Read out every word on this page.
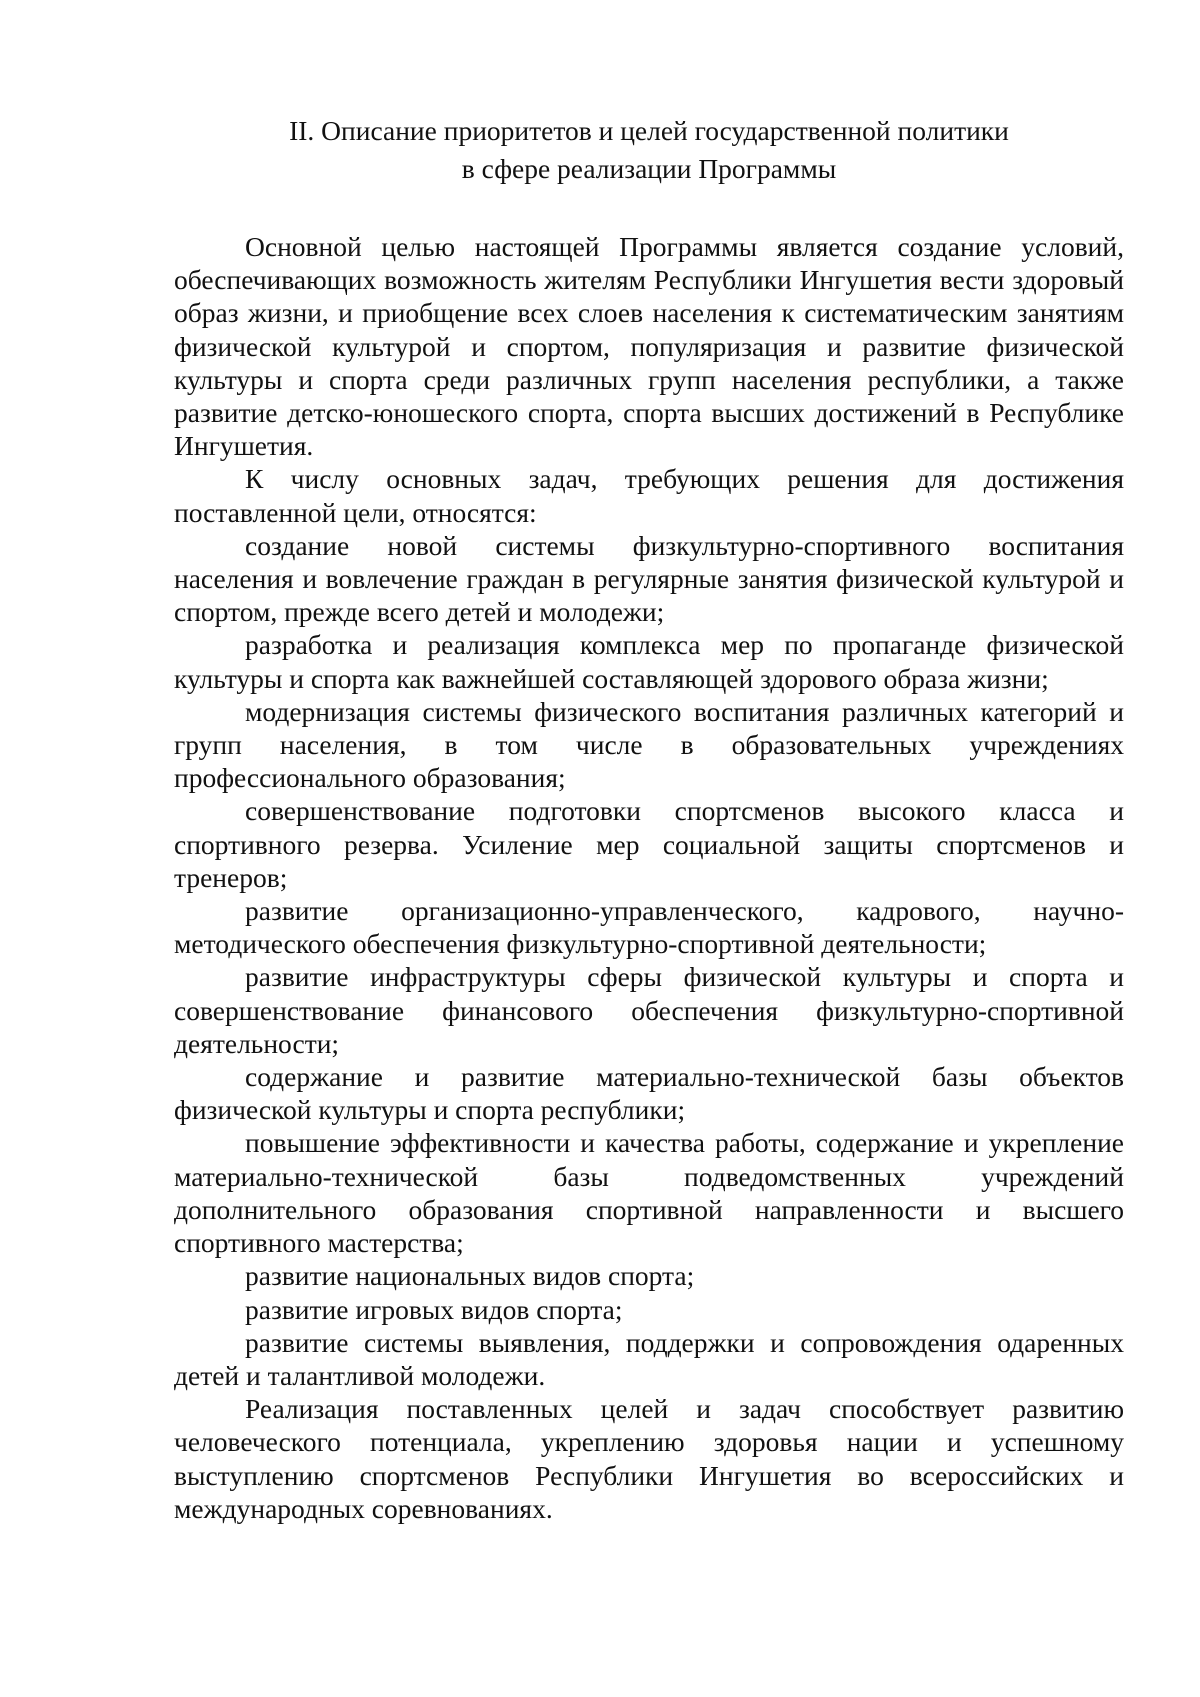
II. Описание приоритетов и целей государственной политики
в сфере реализации Программы

Основной целью настоящей Программы является создание условий, обеспечивающих возможность жителям Республики Ингушетия вести здоровый образ жизни, и приобщение всех слоев населения к систематическим занятиям физической культурой и спортом, популяризация и развитие физической культуры и спорта среди различных групп населения республики, а также развитие детско-юношеского спорта, спорта высших достижений в Республике Ингушетия.

К числу основных задач, требующих решения для достижения поставленной цели, относятся:

создание новой системы физкультурно-спортивного воспитания населения и вовлечение граждан в регулярные занятия физической культурой и спортом, прежде всего детей и молодежи;

разработка и реализация комплекса мер по пропаганде физической культуры и спорта как важнейшей составляющей здорового образа жизни;

модернизация системы физического воспитания различных категорий и групп населения, в том числе в образовательных учреждениях профессионального образования;

совершенствование подготовки спортсменов высокого класса и спортивного резерва. Усиление мер социальной защиты спортсменов и тренеров;

развитие организационно-управленческого, кадрового, научно-методического обеспечения физкультурно-спортивной деятельности;

развитие инфраструктуры сферы физической культуры и спорта и совершенствование финансового обеспечения физкультурно-спортивной деятельности;

содержание и развитие материально-технической базы объектов физической культуры и спорта республики;

повышение эффективности и качества работы, содержание и укрепление материально-технической базы подведомственных учреждений дополнительного образования спортивной направленности и высшего спортивного мастерства;

развитие национальных видов спорта;

развитие игровых видов спорта;

развитие системы выявления, поддержки и сопровождения одаренных детей и талантливой молодежи.

Реализация поставленных целей и задач способствует развитию человеческого потенциала, укреплению здоровья нации и успешному выступлению спортсменов Республики Ингушетия во всероссийских и международных соревнованиях.
